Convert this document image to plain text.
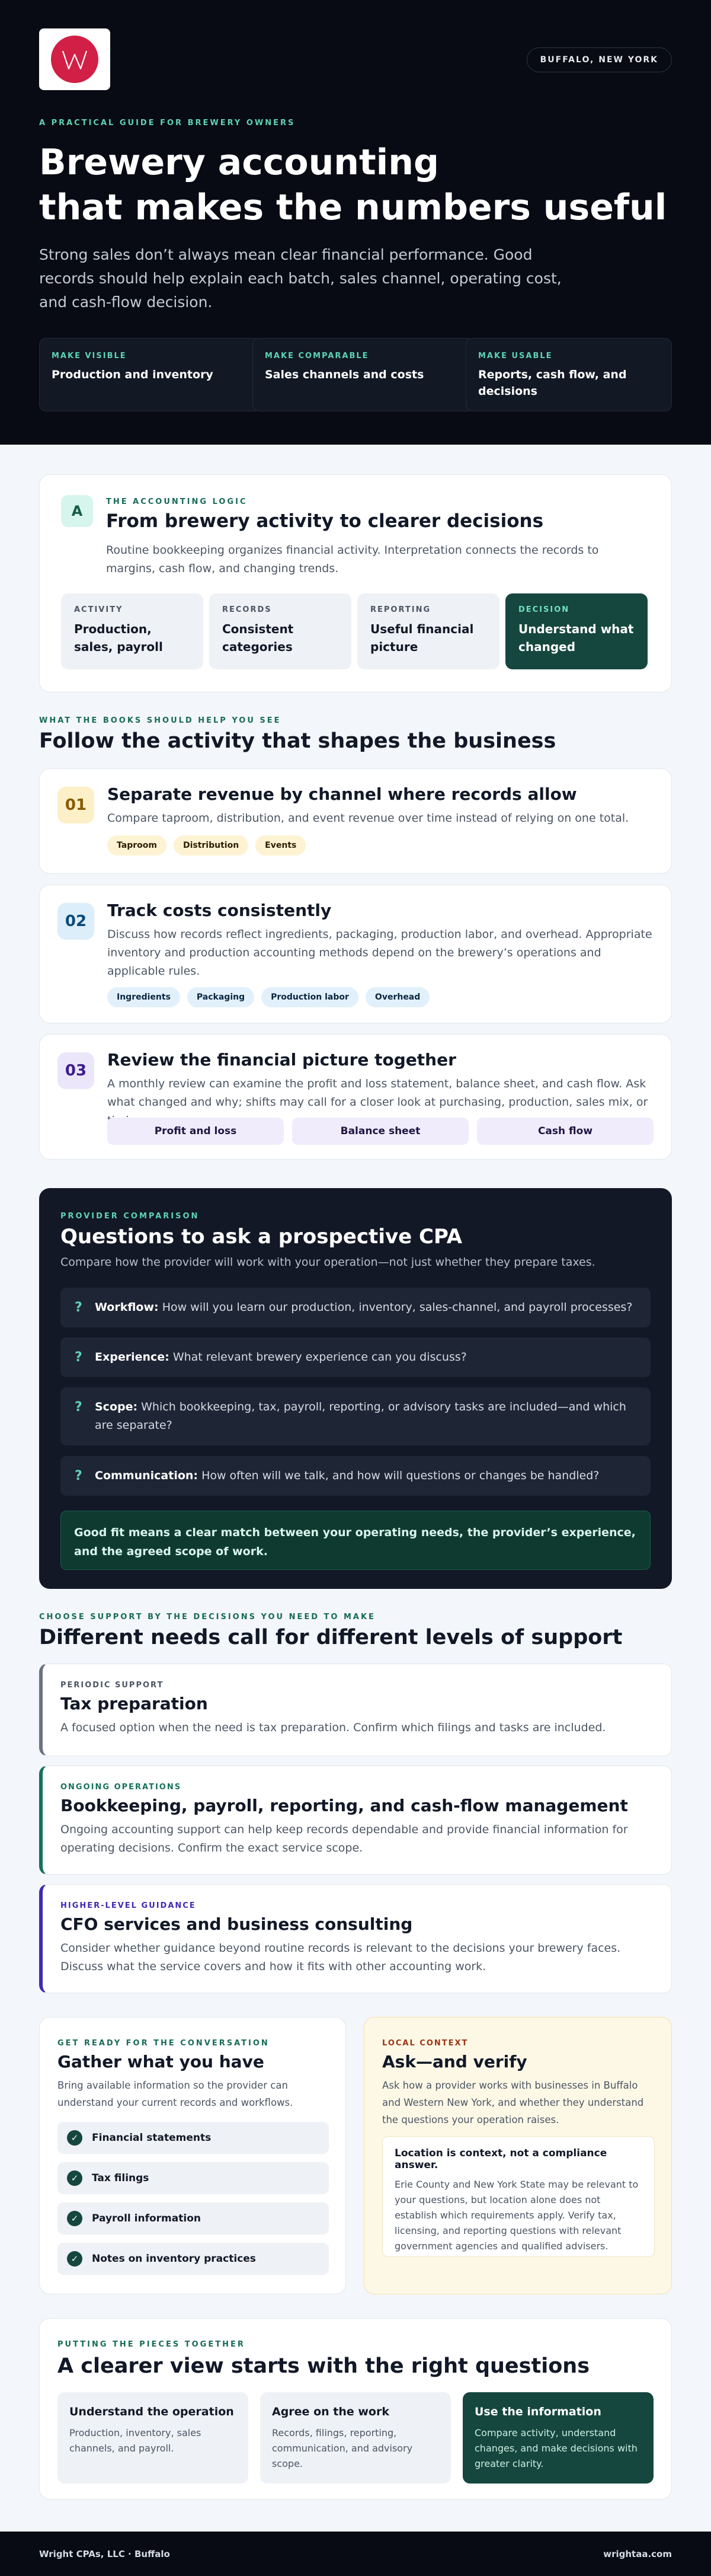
BUFFALO, NEW YORK
A PRACTICAL GUIDE FOR BREWERY OWNERS
Brewery accounting
that makes the numbers useful

Strong sales don’t always mean clear financial performance. Good records should help explain each batch, sales channel, operating cost, and cash-flow decision.

MAKE VISIBLE
Production and inventory
MAKE COMPARABLE
Sales channels and costs
MAKE USABLE
Reports, cash flow, and decisions
A
THE ACCOUNTING LOGIC
From brewery activity to clearer decisions

Routine bookkeeping organizes financial activity. Interpretation connects the records to margins, cash flow, and changing trends.

ACTIVITY
Production, sales, payroll
RECORDS
Consistent categories
REPORTING
Useful financial picture
DECISION
Understand what changed
WHAT THE BOOKS SHOULD HELP YOU SEE
Follow the activity that shapes the business
01
Separate revenue by channel where records allow

Compare taproom, distribution, and event revenue over time instead of relying on one total.

Taproom	Distribution	Events
02
Track costs consistently

Discuss how records reflect ingredients, packaging, production labor, and overhead. Appropriate inventory and production accounting methods depend on the brewery’s operations and applicable rules.

Ingredients	Packaging	Production labor	Overhead
03
Review the financial picture together

A monthly review can examine the profit and loss statement, balance sheet, and cash flow. Ask what changed and why; shifts may call for a closer look at purchasing, production, sales mix, or

Profit and loss	Balance sheet	Cash flow
PROVIDER COMPARISON
Questions to ask a prospective CPA

Compare how the provider will work with your operation—not just whether they prepare taxes.

? Workflow: How will you learn our production, inventory, sales-channel, and payroll processes?
? Experience: What relevant brewery experience can you discuss?
? Scope: Which bookkeeping, tax, payroll, reporting, or advisory tasks are included—and which are separate?
? Communication: How often will we talk, and how will questions or changes be handled?
Good fit means a clear match between your operating needs, the provider’s experience, and the agreed scope of work.
CHOOSE SUPPORT BY THE DECISIONS YOU NEED TO MAKE
Different needs call for different levels of support
PERIODIC SUPPORT
Tax preparation

A focused option when the need is tax preparation. Confirm which filings and tasks are included.

ONGOING OPERATIONS
Bookkeeping, payroll, reporting, and cash-flow management

Ongoing accounting support can help keep records dependable and provide financial information for operating decisions. Confirm the exact service scope.

HIGHER-LEVEL GUIDANCE
CFO services and business consulting

Consider whether guidance beyond routine records is relevant to the decisions your brewery faces. Discuss what the service covers and how it fits with other accounting work.

GET READY FOR THE CONVERSATION
Gather what you have

Bring available information so the provider can understand your current records and workflows.

✓	Financial statements
✓	Tax filings
✓	Payroll information
✓	Notes on inventory practices
LOCAL CONTEXT
Ask—and verify

Ask how a provider works with businesses in Buffalo and Western New York, and whether they understand the questions your operation raises.

Location is context, not a compliance answer.
Erie County and New York State may be relevant to your questions, but location alone does not establish which requirements apply. Verify tax, licensing, and reporting questions with relevant government agencies and qualified advisers.
PUTTING THE PIECES TOGETHER
A clearer view starts with the right questions
Understand the operation
Production, inventory, sales channels, and payroll.
Agree on the work
Records, filings, reporting, communication, and advisory scope.
Use the information
Compare activity, understand changes, and make decisions with greater clarity.
Wright CPAs, LLC · Buffalo	wrightaa.com
